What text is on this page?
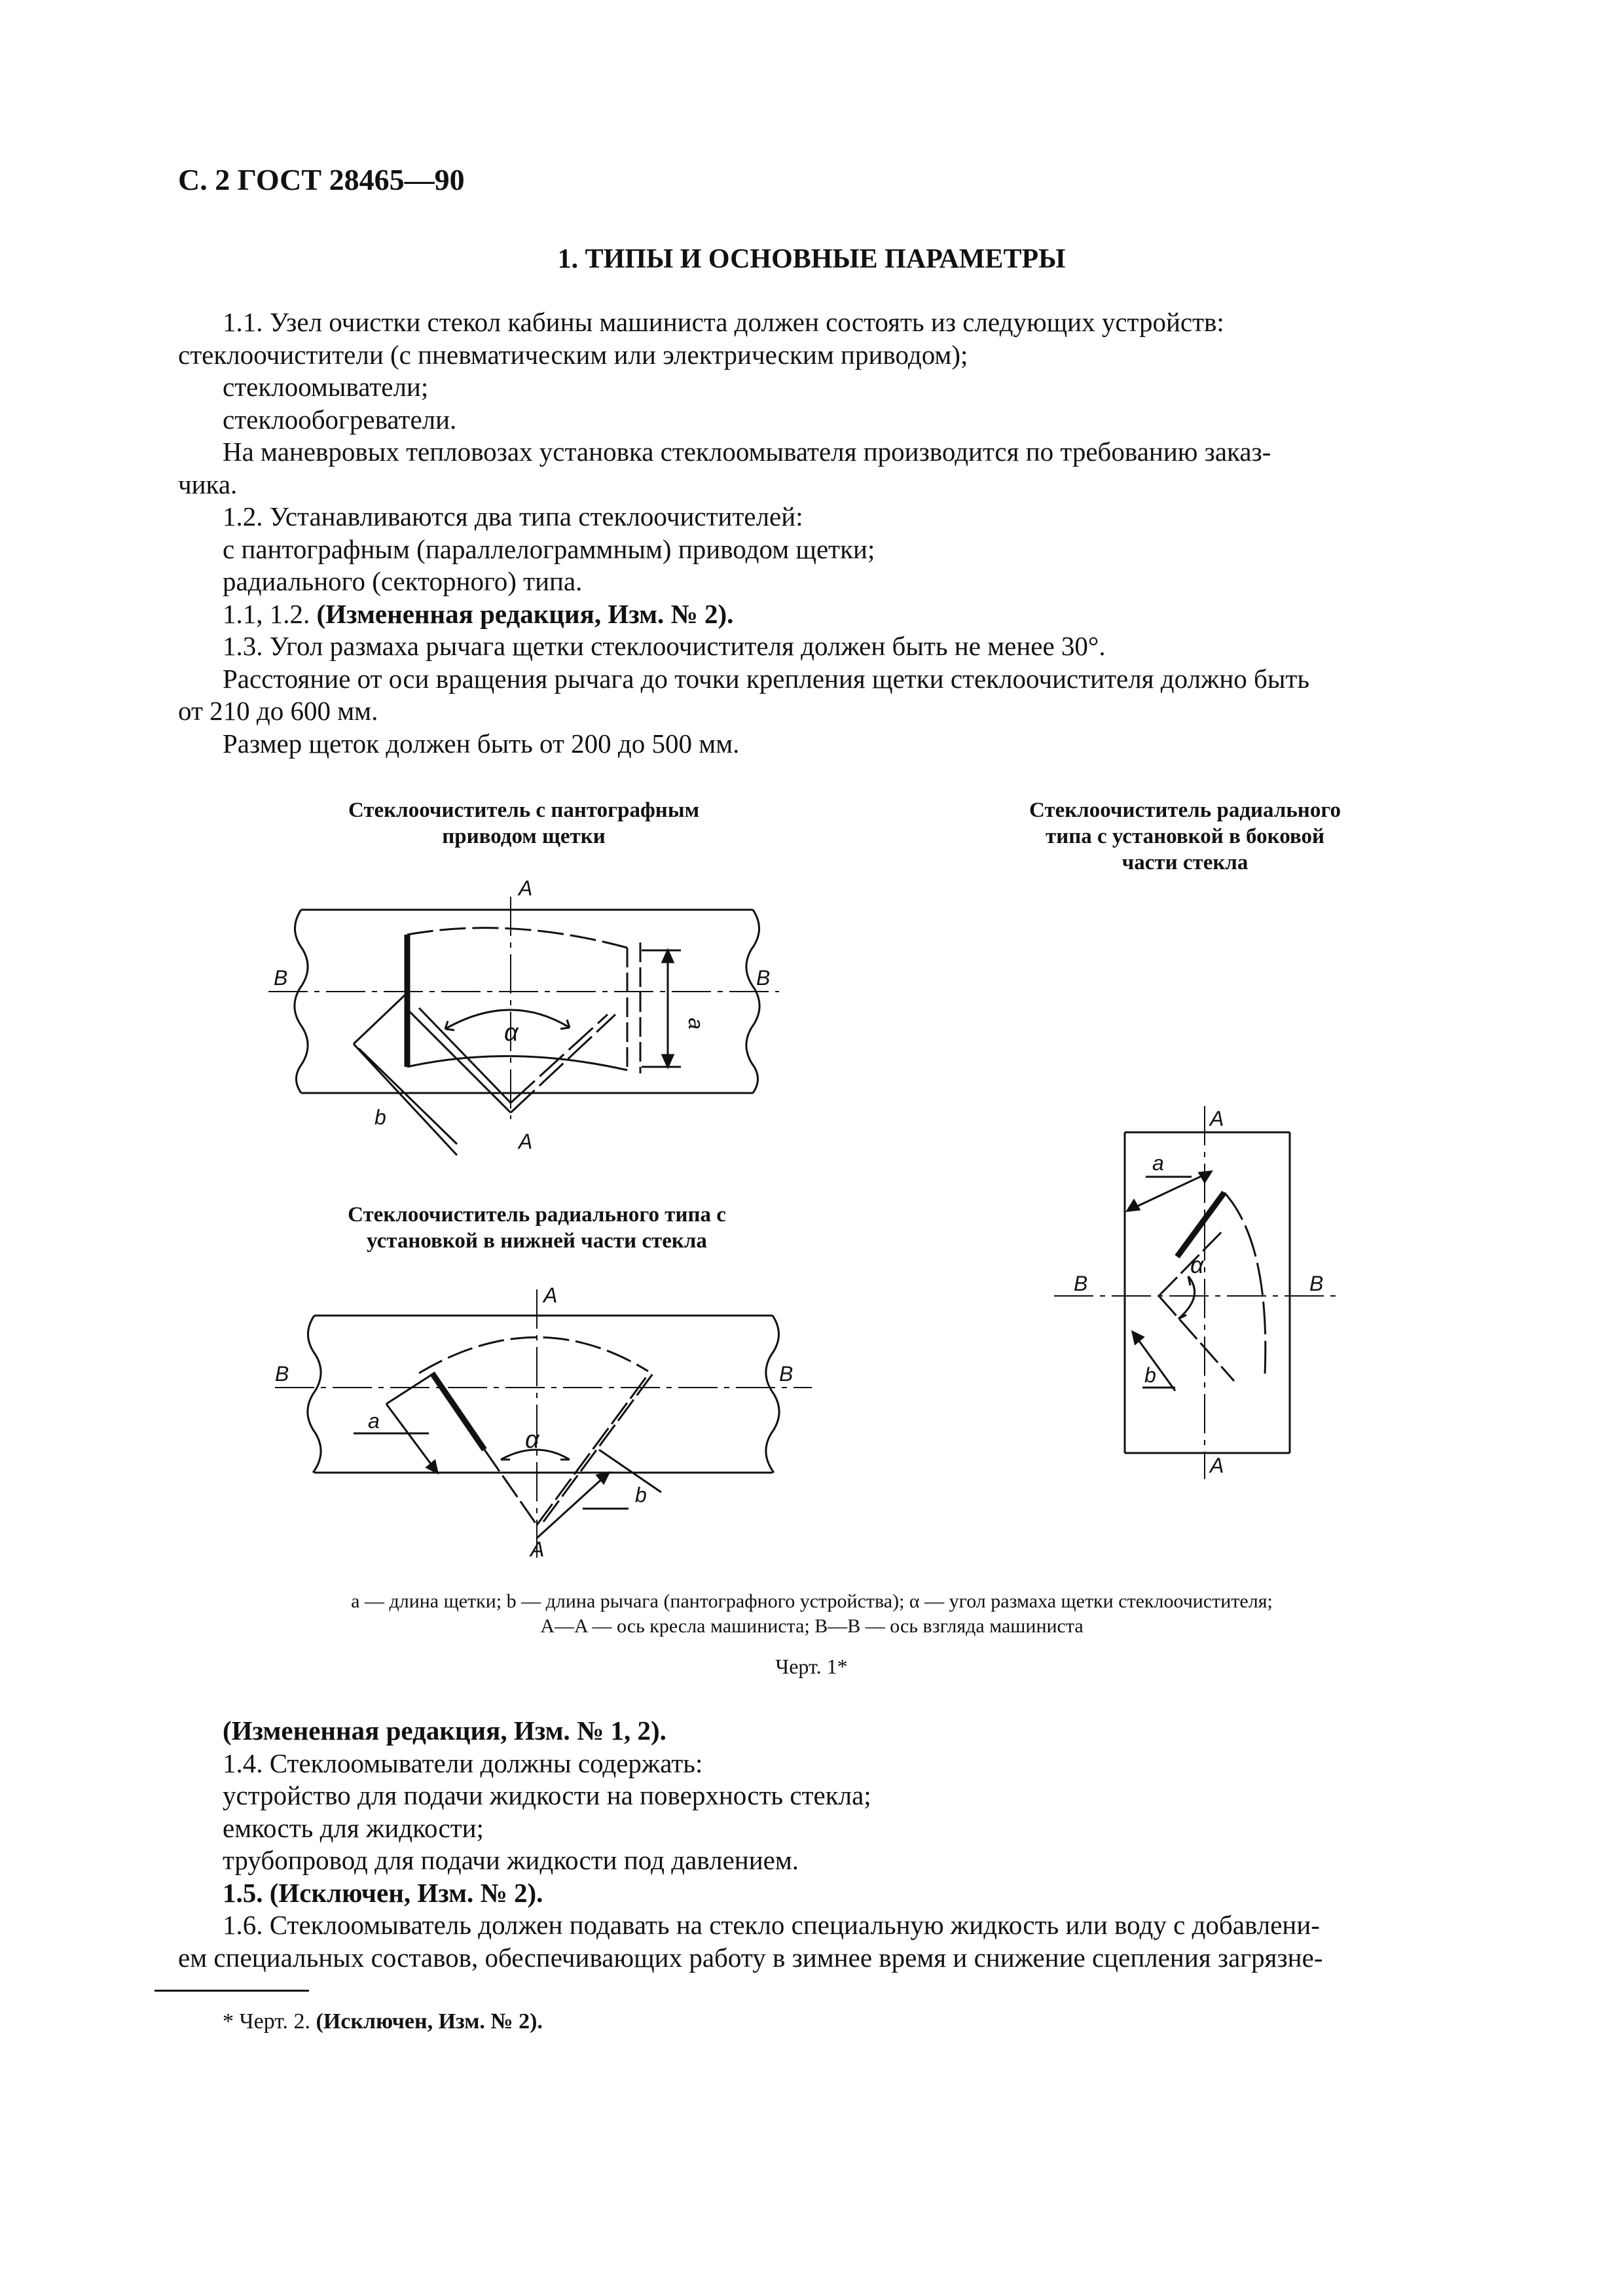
С. 2 ГОСТ 28465—90
1. ТИПЫ И ОСНОВНЫЕ ПАРАМЕТРЫ

1.1. Узел очистки стекол кабины машиниста должен состоять из следующих устройств:

стеклоочистители (с пневматическим или электрическим приводом);

стеклоомыватели;

стеклообогреватели.

На маневровых тепловозах установка стеклоомывателя производится по требованию заказ-

чика.

1.2. Устанавливаются два типа стеклоочистителей:

с пантографным (параллелограммным) приводом щетки;

радиального (секторного) типа.

1.1, 1.2. (Измененная редакция, Изм. № 2).

1.3. Угол размаха рычага щетки стеклоочистителя должен быть не менее 30°.

Расстояние от оси вращения рычага до точки крепления щетки стеклоочистителя должно быть

от 210 до 600 мм.

Размер щеток должен быть от 200 до 500 мм.

Стеклоочиститель с пантографным
приводом щетки
Стеклоочиститель радиального
типа с установкой в боковой
части стекла
Стеклоочиститель радиального типа с
установкой в нижней части стекла
A
A
B	B
α	a
b	A
A
B	B
α
a
b
A
A
B	B
α
a
b

a — длина щетки; b — длина рычага (пантографного устройства); α — угол размаха щетки стеклоочистителя;

A—A — ось кресла машиниста; B—B — ось взгляда машиниста

Черт. 1*

(Измененная редакция, Изм. № 1, 2).

1.4. Стеклоомыватели должны содержать:

устройство для подачи жидкости на поверхность стекла;

емкость для жидкости;

трубопровод для подачи жидкости под давлением.

1.5. (Исключен, Изм. № 2).

1.6. Стеклоомыватель должен подавать на стекло специальную жидкость или воду с добавлени-

ем специальных составов, обеспечивающих работу в зимнее время и снижение сцепления загрязне-

* Черт. 2. (Исключен, Изм. № 2).
